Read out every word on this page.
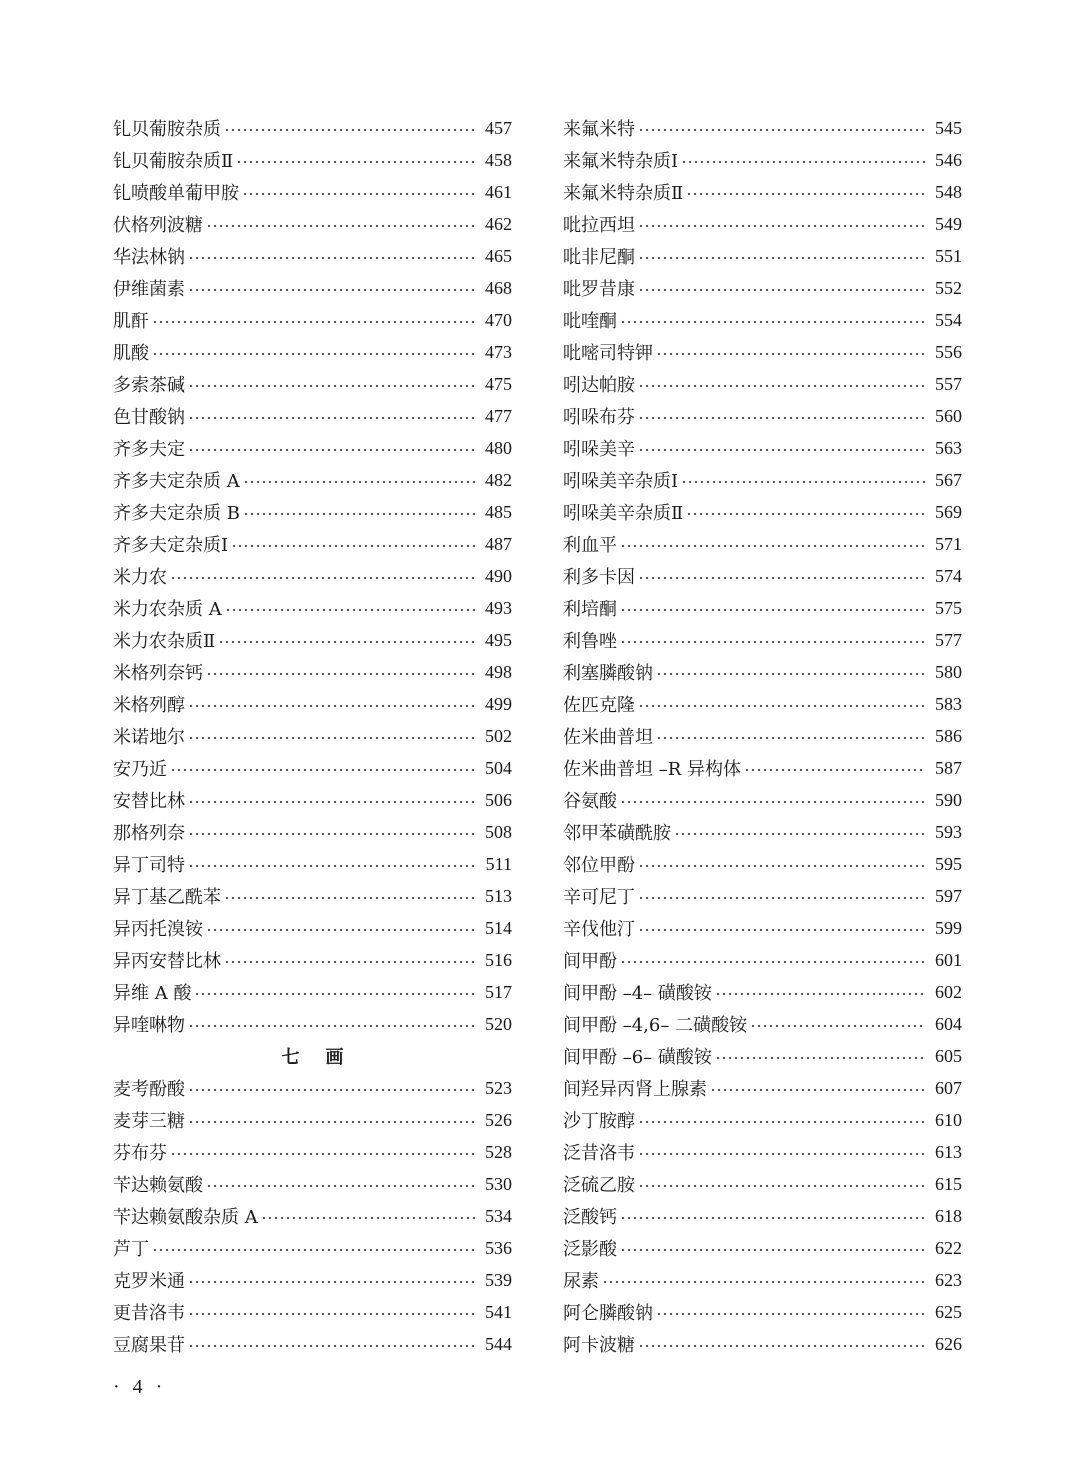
钆贝葡胺杂质	457
钆贝葡胺杂质Ⅱ	458
钆喷酸单葡甲胺	461
伏格列波糖	462
华法林钠	465
伊维菌素	468
肌酐	470
肌酸	473
多索茶碱	475
色甘酸钠	477
齐多夫定	480
齐多夫定杂质 A	482
齐多夫定杂质 B	485
齐多夫定杂质Ⅰ	487
米力农	490
米力农杂质 A	493
米力农杂质Ⅱ	495
米格列奈钙	498
米格列醇	499
米诺地尔	502
安乃近	504
安替比林	506
那格列奈	508
异丁司特	511
异丁基乙酰苯	513
异丙托溴铵	514
异丙安替比林	516
异维 A 酸	517
异喹啉物	520
七画
麦考酚酸	523
麦芽三糖	526
芬布芬	528
苄达赖氨酸	530
苄达赖氨酸杂质 A	534
芦丁	536
克罗米通	539
更昔洛韦	541
豆腐果苷	544
来氟米特	545
来氟米特杂质Ⅰ	546
来氟米特杂质Ⅱ	548
吡拉西坦	549
吡非尼酮	551
吡罗昔康	552
吡喹酮	554
吡嘧司特钾	556
吲达帕胺	557
吲哚布芬	560
吲哚美辛	563
吲哚美辛杂质Ⅰ	567
吲哚美辛杂质Ⅱ	569
利血平	571
利多卡因	574
利培酮	575
利鲁唑	577
利塞膦酸钠	580
佐匹克隆	583
佐米曲普坦	586
佐米曲普坦 –R 异构体	587
谷氨酸	590
邻甲苯磺酰胺	593
邻位甲酚	595
辛可尼丁	597
辛伐他汀	599
间甲酚	601
间甲酚 –4– 磺酸铵	602
间甲酚 –4,6– 二磺酸铵	604
间甲酚 –6– 磺酸铵	605
间羟异丙肾上腺素	607
沙丁胺醇	610
泛昔洛韦	613
泛硫乙胺	615
泛酸钙	618
泛影酸	622
尿素	623
阿仑膦酸钠	625
阿卡波糖	626
· 4 ·
